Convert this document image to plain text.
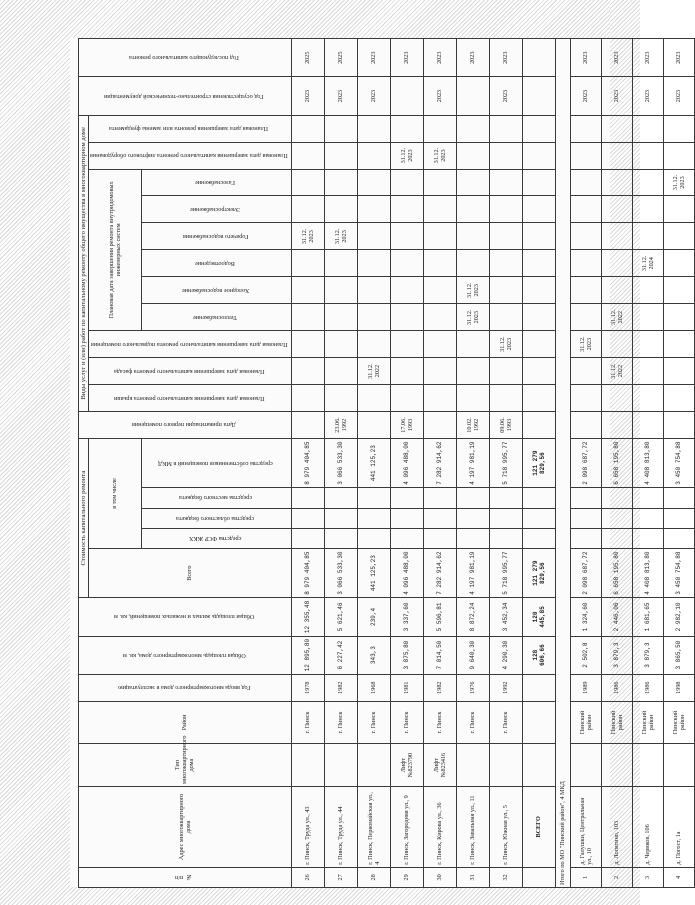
№ п/п	Адрес многоквартирного дома	Тип многоквартирного дома	Район	Год ввода многоквартирного дома в эксплуатацию	Общая площадь многоквартирного дома, кв. м	Общая площадь жилых и нежилых помещений, кв. м	Стоимость капитального ремонта					Дата приватизации первого помещения	Виды услуг и (или) работ по капитальному ремонту общего имущества в многоквартирном доме											Год осуществления строительно-технической документации	Год последующего капитального ремонта
							Всего	в том числе					Плановая дата завершения капитального ремонта крыши	Плановая дата завершения капитального ремонта фасада	Плановая дата завершения капитального ремонта подвального помещения	Плановая дата завершения ремонта внутридомовых инженерных систем						Плановая дата завершения капитального ремонта лифтового оборудования	Плановая дата завершения ремонта или замены фундамента		
								средства ФСР ЖКХ	средства областного бюджета	средства местного бюджета	средства собственников помещений в МКД					Теплоснабжение	Холодное водоснабжение	Водоотведение	Горячего водоснабжения	Электроснабжение	Газоснабжение				
26	г. Пинск, Труда ул., 43		г. Пинск	1978	12 895,80	12 355,48	8 979 404,85				8 979 404,85								31.12. 2023					2023	2025
27	г. Пинск, Труда ул., 44		г. Пинск	1982	6 227,42	5 621,46	3 066 533,30				3 066 533,30	23.06. 1992							31.12. 2023					2023	2025
28	г. Пинск, Первомайская ул., 4		г. Пинск	1968	343,3	239,4	441 125,23				441 125,23			31.12. 2022										2023	2023
29	г. Пинск, Загородняя ул., 9	Лифт №823790	г. Пинск	1981	3 875,80	3 337,60	4 096 488,00				4 096 488,00	17.06. 1993										31.12. 2023			2023
30	г. Пинск, Кирова ул., 36	Лифт №823416	г. Пинск	1982	7 014,50	5 596,81	7 282 914,62				7 282 914,62											31.12. 2023		2023	2023
31	г. Пинск, Завальная ул., 11		г. Пинск	1976	9 640,30	8 872,24	4 197 981,19				4 197 981,19	10.02. 1992				31.12. 2023	31.12. 2023								2023
32	г. Пинск, Южная ул., 5		г. Пинск	1992	4 290,30	3 452,34	5 718 995,77				5 718 995,77	09.06. 1993			31.12. 2023									2023	2023
	ВСЕГО				128 606,66	120 445,85	121 279 829,56				121 279 829,56														
Итого по МО "Пинский район", 4 МКД																									
1	д. Галушки, Центральная ул., 10		Пинский район	1989	2 502,8	1 324,60	2 098 687,72				2 098 687,72				31.12. 2023									2023	2023
2	д. Лопатино, 103		Пинский район	1986	3 879,3	2 446,06	6 658 195,80				6 658 195,80			31.12. 2022		31.12. 2022								2023	2023
3	д. Чериков, 106		Пинский район	1986	3 879,3	1 681,65	4 408 813,80				4 408 813,80							31.12. 2024						2023	2023
4	д. Погост, 1а		Пинский район	1998	3 865,50	2 982,10	3 450 754,88				3 450 754,88										31.12. 2023			2023	2023
